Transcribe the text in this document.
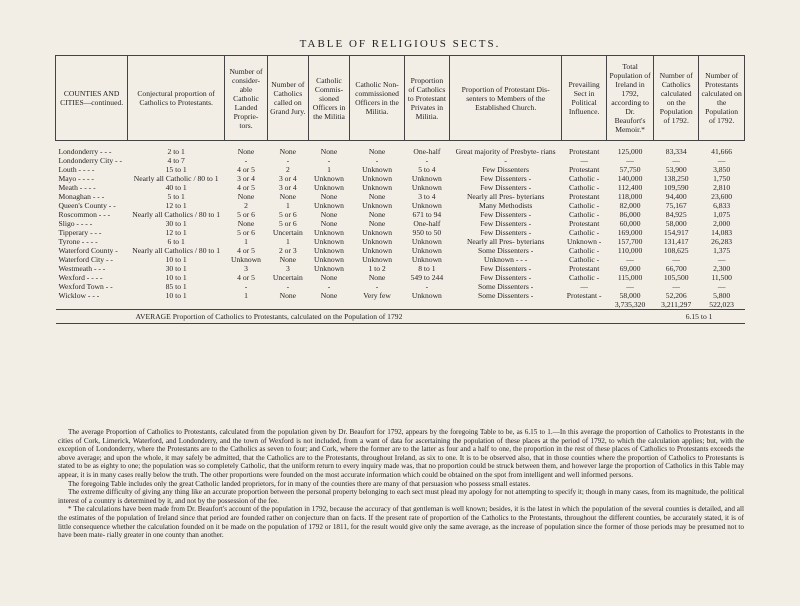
TABLE OF RELIGIOUS SECTS.
COUNTIES AND CITIES—continued.	Conjectural proportion of Catholics to Protestants.	Number of consider- able Catholic Landed Proprie- tors.	Number of Catholics called on Grand Jury.	Catholic Commis- sioned Officers in the Militia	Catholic Non- commissioned Officers in the Militia.	Proportion of Catholics to Protestant Privates in Militia.	Proportion of Protestant Dis- senters to Members of the Established Church.	Prevailing Sect in Political Influence.	Total Population of Ireland in 1792, according to Dr. Beaufort's Memoir.*	Number of Catholics calculated on the Population of 1792.	Number of Protestants calculated on the Population of 1792.
Londonderry - - -	2 to 1	None	None	None	None	One-half	Great majority of Presbyte- rians	Protestant	125,000	83,334	41,666
Londonderry City - -	4 to 7	-	-	-	-	-	-	—	—	—	—
Louth - - - -	15 to 1	4 or 5	2	1	Unknown	5 to 4	Few Dissenters	Protestant	57,750	53,900	3,850
Mayo - - - -	Nearly all Catholic / 80 to 1	3 or 4	3 or 4	Unknown	Unknown	Unknown	Few Dissenters -	Catholic -	140,000	138,250	1,750
Meath - - - -	40 to 1	4 or 5	3 or 4	Unknown	Unknown	Unknown	Few Dissenters -	Catholic -	112,400	109,590	2,810
Monaghan - - -	5 to 1	None	None	None	None	3 to 4	Nearly all Pres- byterians	Protestant	118,000	94,400	23,600
Queen's County - -	12 to 1	2	1	Unknown	Unknown	Unknown	Many Methodists	Catholic -	82,000	75,167	6,833
Roscommon - - -	Nearly all Catholics / 80 to 1	5 or 6	5 or 6	None	None	671 to 94	Few Dissenters -	Catholic -	86,000	84,925	1,075
Sligo - - - -	30 to 1	None	5 or 6	None	None	One-half	Few Dissenters -	Protestant	60,000	58,000	2,000
Tipperary - - -	12 to 1	5 or 6	Uncertain	Unknown	Unknown	950 to 50	Few Dissenters -	Catholic -	169,000	154,917	14,083
Tyrone - - - -	6 to 1	1	1	Unknown	Unknown	Unknown	Nearly all Pres- byterians	Unknown -	157,700	131,417	26,283
Waterford County -	Nearly all Catholics / 80 to 1	4 or 5	2 or 3	Unknown	Unknown	Unknown	Some Dissenters -	Catholic -	110,000	108,625	1,375
Waterford City - -	10 to 1	Unknown	None	Unknown	Unknown	Unknown	Unknown - - -	Catholic -	—	—	—
Westmeath - - -	30 to 1	3	3	Unknown	1 to 2	8 to 1	Few Dissenters -	Protestant	69,000	66,700	2,300
Wexford - - - -	10 to 1	4 or 5	Uncertain	None	None	549 to 244	Few Dissenters -	Catholic -	115,000	105,500	11,500
Wexford Town - -	85 to 1	-	-	-	-	-	Some Dissenters -	—	—	—	—
Wicklow - - -	10 to 1	1	None	None	Very few	Unknown	Some Dissenters -	Protestant -	58,000	52,206	5,800
									3,735,320	3,211,297	522,023
AVERAGE Proportion of Catholics to Protestants, calculated on the Population of 1792										6.15 to 1	

The average Proportion of Catholics to Protestants, calculated from the population given by Dr. Beaufort for 1792, appears by the foregoing Table to be, as 6.15 to 1.—In this average the proportion of Catholics to Protestants in the cities of Cork, Limerick, Waterford, and Londonderry, and the town of Wexford is not included, from a want of data for ascertaining the population of these places at the period of 1792, to which the calculation applies; but, with the exception of Londonderry, where the Protestants are to the Catholics as seven to four; and Cork, where the former are to the latter as four and a half to one, the proportion in the rest of these places of Catholics to Protestants exceeds the above average; and upon the whole, it may safely be admitted, that the Catholics are to the Protestants, throughout Ireland, as six to one. It is to be observed also, that in those counties where the proportion of Catholics to Protestants is stated to be as eighty to one; the population was so completely Catholic, that the uniform return to every inquiry made was, that no proportion could be struck between them, and however large the proportion of Catholics in this Table may appear, it is in many cases really below the truth. The other proportions were founded on the most accurate information which could be obtained on the spot from intelligent and well informed persons.

The foregoing Table includes only the great Catholic landed proprietors, for in many of the counties there are many of that persuasion who possess small estates.

The extreme difficulty of giving any thing like an accurate proportion between the personal property belonging to each sect must plead my apology for not attempting to specify it; though in many cases, from its magnitude, the political interest of a country is determined by it, and not by the possession of the fee.

* The calculations have been made from Dr. Beaufort's account of the population in 1792, because the accuracy of that gentleman is well known; besides, it is the latest in which the population of the several counties is detailed, and all the estimates of the population of Ireland since that period are founded rather on conjecture than on facts. If the present rate of proportion of the Catholics to the Protestants, throughout the different counties, be accurately stated, it is of little consequence whether the calculation founded on it be made on the population of 1792 or 1811, for the result would give only the same average, as the increase of population since the former of those periods may be presumed not to have been mate- rially greater in one county than another.
